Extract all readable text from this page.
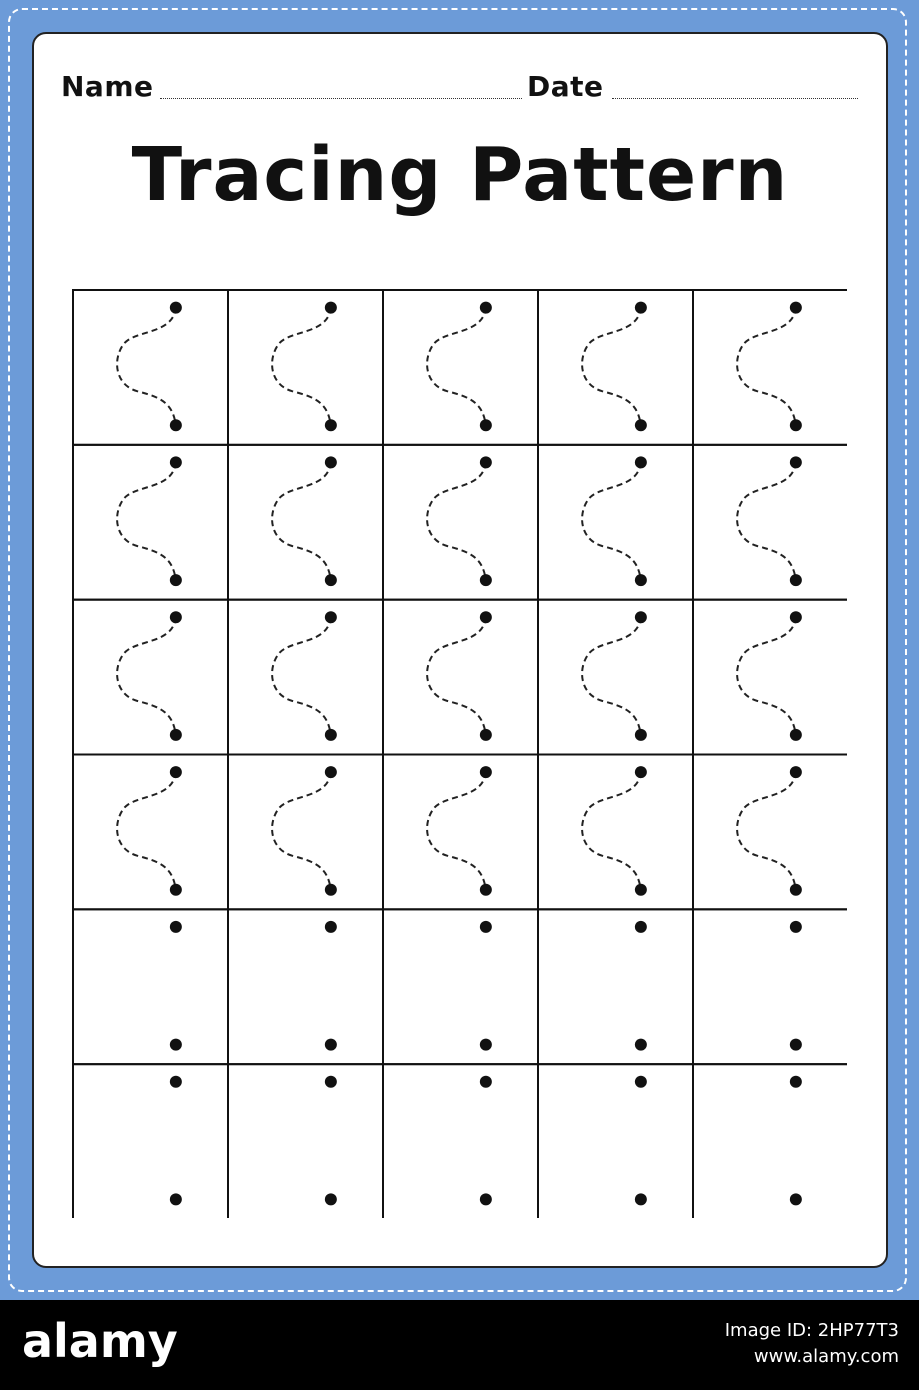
Name	Date
Tracing Pattern
alamy	Image ID: 2HP77T3
www.alamy.com
